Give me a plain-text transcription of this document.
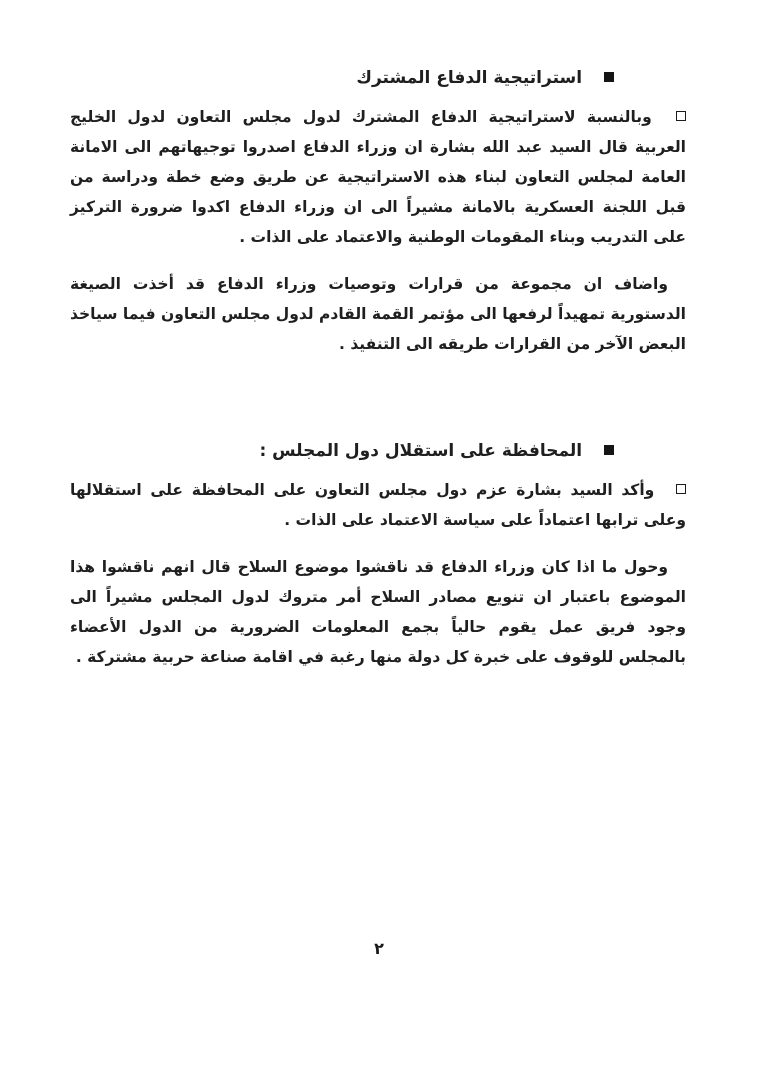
استراتيجية الدفاع المشترك

وبالنسبة لاستراتيجية الدفاع المشترك لدول مجلس التعاون لدول الخليج العربية قال السيد عبد الله بشارة ان وزراء الدفاع اصدروا توجيهاتهم الى الامانة العامة لمجلس التعاون لبناء هذه الاستراتيجية عن طريق وضع خطة ودراسة من قبل اللجنة العسكرية بالامانة مشيراً الى ان وزراء الدفاع اكدوا ضرورة التركيز على التدريب وبناء المقومات الوطنية والاعتماد على الذات .

واضاف ان مجموعة من قرارات وتوصيات وزراء الدفاع قد أخذت الصيغة الدستورية تمهيداً لرفعها الى مؤتمر القمة القادم لدول مجلس التعاون فيما سياخذ البعض الآخر من القرارات طريقه الى التنفيذ .

المحافظة على استقلال دول المجلس :

وأكد السيد بشارة عزم دول مجلس التعاون على المحافظة على استقلالها وعلى ترابها اعتماداً على سياسة الاعتماد على الذات .

وحول ما اذا كان وزراء الدفاع قد ناقشوا موضوع السلاح قال انهم ناقشوا هذا الموضوع باعتبار ان تنويع مصادر السلاح أمر متروك لدول المجلس مشيراً الى وجود فريق عمل يقوم حالياً بجمع المعلومات الضرورية من الدول الأعضاء بالمجلس للوقوف على خبرة كل دولة منها رغبة في اقامة صناعة حربية مشتركة .

٢
